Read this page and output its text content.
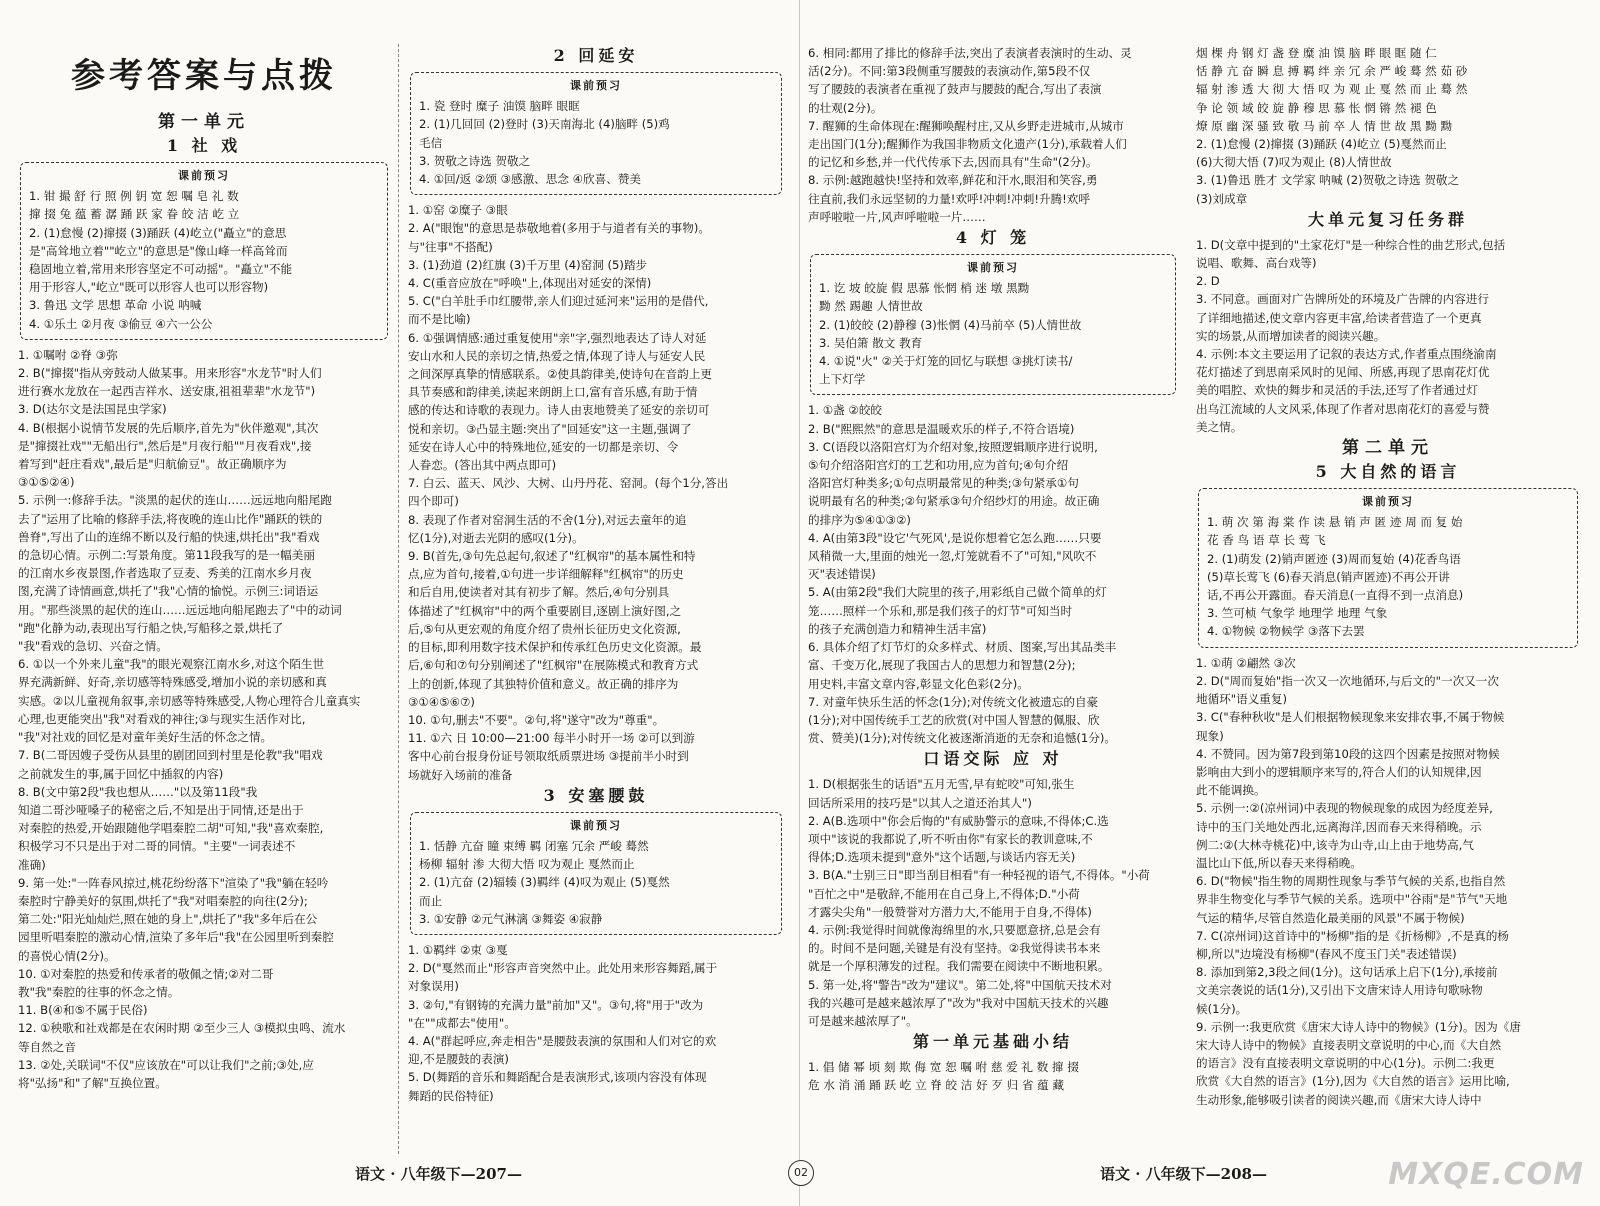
参考答案与点拨
第一单元
1 社 戏
课前预习
1. 钳 撮 舒 行 照 例 钥 宽 恕 嘱 皂 礼 数
撺 掇 兔 蕴 蓄 潺 踊 跃 家 眷 皎 洁 屹 立
2. (1)怠慢 (2)撺掇 (3)踊跃 (4)屹立("矗立"的意思
是"高耸地立着""屹立"的意思是"像山峰一样高耸而
稳固地立着,常用来形容坚定不可动摇"。"矗立"不能
用于形容人,"屹立"既可以形容人也可以形容物)
3. 鲁迅 文学 思想 革命 小说 呐喊
4. ①乐土 ②月夜 ③偷豆 ④六一公公
1. ①嘱咐 ②脊 ③弥
2. B("撺掇"指从旁鼓动人做某事。用来形容"水龙节"时人们
进行赛水龙放在一起西吉祥水、送安康,祖祖辈辈"水龙节")
3. D(达尔文是法国昆虫学家)
4. B(根据小说情节发展的先后顺序,首先为"伙伴邀观",其次
是"撺掇社戏""无船出行",然后是"月夜行船""月夜看戏",接
着写到"赶庄看戏",最后是"归航偷豆"。故正确顺序为
③①⑤②④)
5. 示例一:修辞手法。"淡黑的起伏的连山……远远地向船尾跑
去了"运用了比喻的修辞手法,将夜晚的连山比作"踊跃的铁的
兽脊",写出了山的连绵不断以及行船的快速,烘托出"我"看戏
的急切心情。示例二:写景角度。第11段我写的是一幅美丽
的江南水乡夜景图,作者选取了豆麦、秀美的江南水乡月夜
图,充满了诗情画意,烘托了"我"心情的愉悦。示例三:词语运
用。"那些淡黑的起伏的连山……远远地向船尾跑去了"中的动词
"跑"化静为动,表现出写行船之快,写船移之景,烘托了
"我"看戏的急切、兴奋之情。
6. ①以一个外来儿童"我"的眼光观察江南水乡,对这个陌生世
界充满新鲜、好奇,亲切感等特殊感受,增加小说的亲切感和真
实感。②以儿童视角叙事,亲切感等特殊感受,人物心理符合儿童真实
心理,也更能突出"我"对看戏的神往;③与现实生活作对比,
"我"对社戏的回忆是对童年美好生活的怀念之情。
7. B(二哥因嫂子受伤从县里的剧团回到村里是伦教"我"唱戏
之前就发生的事,属于回忆中插叙的内容)
8. B(文中第2段"我也想从……"以及第11段"我
知道二哥沙哑嗓子的秘密之后,不知是出于同情,还是出于
对秦腔的热爱,开始跟随他学唱秦腔二胡"可知,"我"喜欢秦腔,
积极学习不只是出于对二哥的同情。"主要"一词表述不
准确)
9. 第一处:"一阵春风掠过,桃花纷纷落下"渲染了"我"躺在轻吟
秦腔时宁静美好的氛围,烘托了"我"对唱秦腔的向往(2分);
第二处:"阳光灿灿烂,照在她的身上",烘托了"我"多年后在公
园里听唱秦腔的激动心情,渲染了多年后"我"在公园里听到秦腔
的喜悦心情(2分)。
10. ①对秦腔的热爱和传承者的敬佩之情;②对二哥
教"我"秦腔的往事的怀念之情。
11. B(④和⑤不属于民俗)
12. ①秧歌和社戏都是在农闲时期 ②至少三人 ③模拟虫鸣、流水
等自然之音
13. ②处,关联词"不仅"应该放在"可以让我们"之前;③处,应
将"弘扬"和"了解"互换位置。
2 回延安
课前预习
1. 瓷 登时 糜子 油馍 脑畔 眼眶
2. (1)几回回 (2)登时 (3)天南海北 (4)脑畔 (5)鸡
毛信
3. 贺敬之诗选 贺敬之
4. ①回/返 ②颂 ③感激、思念 ④欣喜、赞美
1. ①窑 ②糜子 ③眼
2. A("眼饱"的意思是恭敬地着(多用于与道者有关的事物)。
与"往事"不搭配)
3. (1)劲道 (2)红旗 (3)千万里 (4)窑洞 (5)踏步
4. C(重音应放在"呼唤"上,体现出对延安的深情)
5. C("白羊肚手巾红腰带,亲人们迎过延河来"运用的是借代,
而不是比喻)
6. ①强调情感:通过重复使用"亲"字,强烈地表达了诗人对延
安山水和人民的亲切之情,热爱之情,体现了诗人与延安人民
之间深厚真挚的情感联系。②使具韵律美,使诗句在音韵上更
具节奏感和韵律美,读起来朗朗上口,富有音乐感,有助于情
感的传达和诗歌的表现力。诗人由衷地赞美了延安的亲切可
悦和亲切。③凸显主题:突出了"回延安"这一主题,强调了
延安在诗人心中的特殊地位,延安的一切都是亲切、令
人眷恋。(答出其中两点即可)
7. 白云、蓝天、风沙、大树、山丹丹花、窑洞。(每个1分,答出
四个即可)
8. 表现了作者对窑洞生活的不舍(1分),对远去童年的追
忆(1分),对逝去光阴的感叹(1分)。
9. B(首先,③句先总起句,叙述了"红枫帘"的基本属性和特
点,应为首句,接着,①句进一步详细解释"红枫帘"的历史
和后自用,使读者对其有初步了解。然后,④句分别具
体描述了"红枫帘"中的两个重要剧目,逐剧上演好图,之
后,⑤句从更宏观的角度介绍了贵州长征历史文化资源,
的目标,即利用数字技术保护和传承红色历史文化资源。最
后,⑥句和⑦句分别阐述了"红枫帘"在展陈模式和教育方式
上的创新,体现了其独特价值和意义。故正确的排序为
③①④⑤⑥⑦)
10. ①句,删去"不要"。②句,将"遂守"改为"尊重"。
11. ①六 日 10:00—21:00 每半小时开一场 ②可以到游
客中心前台报身份证号领取纸质票进场 ③提前半小时到
场就好入场前的准备
3 安塞腰鼓
课前预习
1. 恬静 亢奋 瞳 束缚 羁 闭塞 冗余 严峻 蓦然
杨柳 辐射 渗 大彻大悟 叹为观止 戛然而止
2. (1)亢奋 (2)辐辏 (3)羁绊 (4)叹为观止 (5)戛然
而止
3. ①安静 ②元气淋漓 ③舞姿 ④寂静
1. ①羁绊 ②束 ③戛
2. D("戛然而止"形容声音突然中止。此处用来形容舞蹈,属于
对象误用)
3. ②句,"有钢铸的充满力量"前加"又"。③句,将"用于"改为
"在""成都去"使用"。
4. A("群起呼应,奔走相告"是腰鼓表演的氛围和人们对它的欢
迎,不是腰鼓的表演)
5. D(舞蹈的音乐和舞蹈配合是表演形式,该项内容没有体现
舞蹈的民俗特征)
语文 · 八年级下—207—	02
6. 相同:都用了排比的修辞手法,突出了表演者表演时的生动、灵
活(2分)。不同:第3段侧重写腰鼓的表演动作,第5段不仅
写了腰鼓的表演者在重视了鼓声与腰鼓的配合,写出了表演
的壮观(2分)。
7. 醒狮的生命体现在:醒狮唤醒村庄,又从乡野走进城市,从城市
走出国门(1分);醒狮作为我国非物质文化遗产(1分),承载着人们
的记忆和乡愁,并一代代传承下去,因而具有"生命"(2分)。
8. 示例:越跑越快!坚持和效率,鲜花和汗水,眼泪和笑容,勇
往直前,我们永远坚韧的力量!欢呼!冲刺!冲刺!升腾!欢呼
声呼啦啦一片,风声呼啦啦一片……
4 灯 笼
课前预习
1. 讫 坡 皎旋 假 思慕 怅惘 梢 迷 墩 黑黝
黝 然 踢趣 人情世故
2. (1)皎皎 (2)静穆 (3)怅惘 (4)马前卒 (5)人情世故
3. 吴伯箫 散文 教育
4. ①说"火" ②关于灯笼的回忆与联想 ③挑灯读书/
上下灯学
1. ①盏 ②皎皎
2. B("熙熙然"的意思是温暖欢乐的样子,不符合语境)
3. C(语段以洛阳宫灯为介绍对象,按照逻辑顺序进行说明,
⑤句介绍洛阳宫灯的工艺和功用,应为首句;④句介绍
洛阳宫灯种类多;①句点明最常见的种类;③句紧承①句
说明最有名的种类;②句紧承③句介绍纱灯的用途。故正确
的排序为⑤④①③②)
4. A(由第3段"设它'气死风',是说你想着它怎么跑……只要
风稍微一大,里面的烛光一忽,灯笼就看不了"可知,"风吹不
灭"表述错误)
5. A(由第2段"我们大院里的孩子,用彩纸自己做个简单的灯
笼……照样一个乐和,那是我们孩子的灯节"可知当时
的孩子充满创造力和精神生活丰富)
6. 具体介绍了灯节灯的众多样式、材质、图案,写出其品类丰
富、千变万化,展现了我国古人的思想力和智慧(2分);
用史料,丰富文章内容,彰显文化色彩(2分)。
7. 对童年快乐生活的怀念(1分);对传统文化被遗忘的自豪
(1分);对中国传统手工艺的欣赏(对中国人智慧的佩服、欣
赏、赞美)(1分);对传统文化被逐渐消逝的无奈和追憾(1分)。
口语交际 应 对
1. D(根据张生的话语"五月无雪,早有蛇咬"可知,张生
回话所采用的技巧是"以其人之道还治其人")
2. A(B.选项中"你会后悔的"有威胁警示的意味,不得体;C.选
项中"该说的我都说了,听不听由你"有家长的教训意味,不
得体;D.选项未提到"意外"这个话题,与谈话内容无关)
3. B(A."士别三日"即当刮目相看"有一种轻视的语气,不得体。"小荷
"百忙之中"是敬辞,不能用在自己身上,不得体;D."小荷
才露尖尖角"一般赞誉对方潜力大,不能用于自身,不得体)
4. 示例:我觉得时间就像海绵里的水,只要愿意挤,总是会有
的。时间不是问题,关键是有没有坚持。②我觉得读书本来
就是一个厚积薄发的过程。我们需要在阅读中不断地积累。
5. 第一处,将"警告"改为"建议"。第二处,将"中国航天技术对
我的兴趣可是越来越浓厚了"改为"我对中国航天技术的兴趣
可是越来越浓厚了"。
第一单元基础小结
1. 倡 储 幂 顷 刻 欺 侮 宽 恕 嘱 咐 慈 爱 礼 数 撺 掇
危 水 消 涌 踊 跃 屹 立 脊 皎 洁 好 歹 归 省 蕴 藏
烟 棵 舟 钢 灯 盏 登 糜 油 馍 脑 畔 眼 眶 随 仁
恬 静 亢 奋 瞬 息 搏 羁 绊 亲 冗 余 严 峻 蓦 然 茹 砂
辐 射 渗 透 大 彻 大 悟 叹 为 观 止 戛 然 而 止 蓦 然
争 论 领 域 皎 旋 静 穆 思 慕 怅 惘 锵 然 褪 色
燎 原 幽 深 骚 致 敬 马 前 卒 人 情 世 故 黑 黝 黝
2. (1)怠慢 (2)撺掇 (3)踊跃 (4)屹立 (5)戛然而止
(6)大彻大悟 (7)叹为观止 (8)人情世故
3. (1)鲁迅 胜才 文学家 呐喊 (2)贺敬之诗选 贺敬之
(3)刘成章
大单元复习任务群
1. D(文章中提到的"土家花灯"是一种综合性的曲艺形式,包括
说唱、歌舞、高台戏等)
2. D
3. 不同意。画面对广告牌所处的环境及广告牌的内容进行
了详细地描述,使文章内容更丰富,给读者营造了一个更真
实的场景,从而增加读者的阅读兴趣。
4. 示例:本文主要运用了记叙的表达方式,作者重点围绕渝南
花灯描述了到思南采风时的见闻、所感,再现了思南花灯优
美的唱腔、欢快的舞步和灵活的手法,还写了作者通过灯
出乌江流域的人文风采,体现了作者对思南花灯的喜爱与赞
美之情。
第二单元
5 大自然的语言
课前预习
1. 萌 次 第 海 棠 作 读 悬 销 声 匿 迹 周 而 复 始
花 香 鸟 语 草 长 莺 飞
2. (1)萌发 (2)销声匿迹 (3)周而复始 (4)花香鸟语
(5)草长莺飞 (6)春天消息(销声匿迹)不再公开讲
话,不再公开露面。春天消息(一直得不到一点消息)
3. 竺可桢 气象学 地理学 地理 气象
4. ①物候 ②物候学 ③落下去罢
1. ①萌 ②翩然 ③次
2. D("周而复始"指一次又一次地循环,与后文的"一次又一次
地循环"语义重复)
3. C("春种秋收"是人们根据物候现象来安排农事,不属于物候
现象)
4. 不赞同。因为第7段到第10段的这四个因素是按照对物候
影响由大到小的逻辑顺序来写的,符合人们的认知规律,因
此不能调换。
5. 示例一:②(凉州词)中表现的物候现象的成因为经度差异,
诗中的玉门关地处西北,远离海洋,因而春天来得稍晚。示
例二:②(大林寺桃花)中,该寺为山寺,山上由于地势高,气
温比山下低,所以春天来得稍晚。
6. D("物候"指生物的周期性现象与季节气候的关系,也指自然
界非生物变化与季节气候的关系。选项中"谷雨"是"节气"天地
气运的精华,尽管自然造化最美丽的风景"不属于物候)
7. C(凉州词)这首诗中的"杨柳"指的是《折杨柳》,不是真的杨
柳,所以"边境没有杨柳"(春风不度玉门关"表述错误)
8. 添加到第2,3段之间(1分)。这句话承上启下(1分),承接前
文美宗袭说的话(1分),又引出下文唐宋诗人用诗句歌咏物
候(1分)。
9. 示例一:我更欣赏《唐宋大诗人诗中的物候》(1分)。因为《唐
宋大诗人诗中的物候》直接表明文章说明的中心,而《大自然
的语言》没有直接表明文章说明的中心(1分)。示例二:我更
欣赏《大自然的语言》(1分),因为《大自然的语言》运用比喻,
生动形象,能够吸引读者的阅读兴趣,而《唐宋大诗人诗中
语文 · 八年级下—208—	MXQE.COM
